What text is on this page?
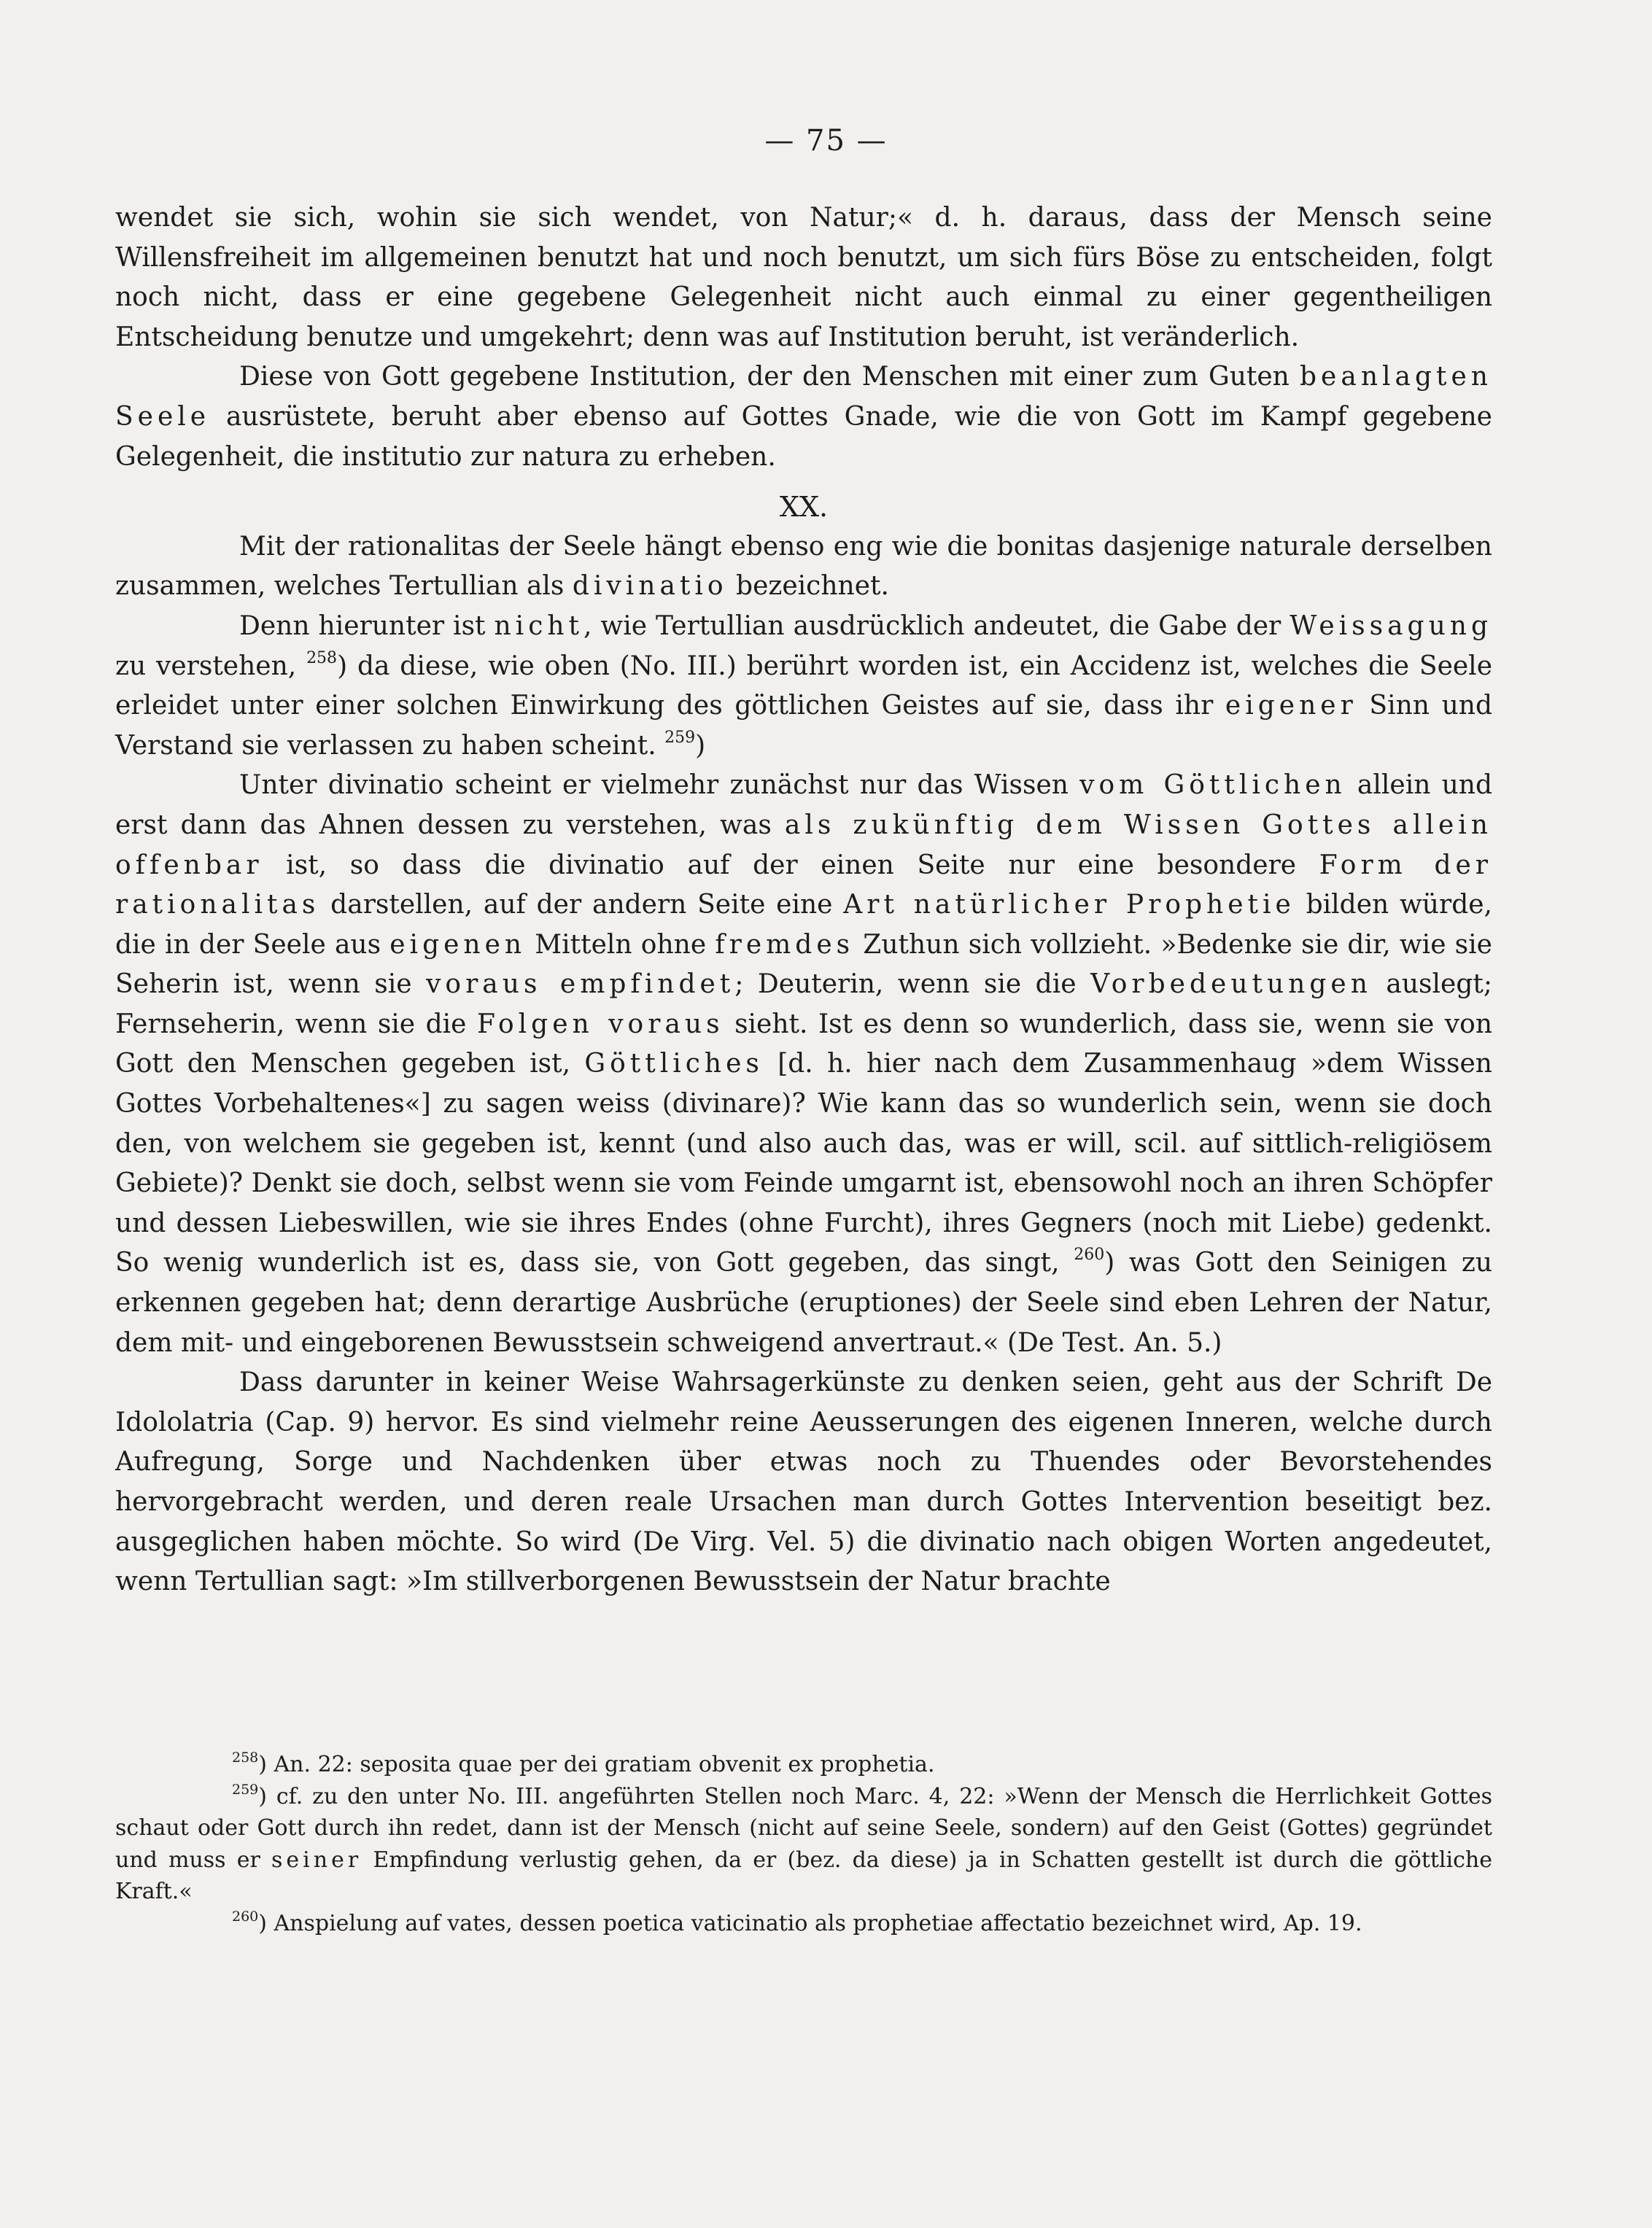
— 75 —

wendet sie sich, wohin sie sich wendet, von Natur;« d. h. daraus, dass der Mensch seine Willensfreiheit im allgemeinen benutzt hat und noch benutzt, um sich fürs Böse zu entscheiden, folgt noch nicht, dass er eine gegebene Gelegenheit nicht auch einmal zu einer gegentheiligen Entscheidung benutze und umgekehrt; denn was auf Institution beruht, ist veränderlich.

Diese von Gott gegebene Institution, der den Menschen mit einer zum Guten beanlagten Seele ausrüstete, beruht aber ebenso auf Gottes Gnade, wie die von Gott im Kampf gegebene Gelegenheit, die institutio zur natura zu erheben.

XX.

Mit der rationalitas der Seele hängt ebenso eng wie die bonitas dasjenige naturale derselben zusammen, welches Tertullian als divinatio bezeichnet.

Denn hierunter ist nicht, wie Tertullian ausdrücklich andeutet, die Gabe der Weissagung zu verstehen, $^{258}$) da diese, wie oben (No. III.) berührt worden ist, ein Accidenz ist, welches die Seele erleidet unter einer solchen Einwirkung des göttlichen Geistes auf sie, dass ihr eigener Sinn und Verstand sie verlassen zu haben scheint. $^{259}$)

Unter divinatio scheint er vielmehr zunächst nur das Wissen vom Göttlichen allein und erst dann das Ahnen dessen zu verstehen, was als zukünftig dem Wissen Gottes allein offenbar ist, so dass die divinatio auf der einen Seite nur eine besondere Form der rationalitas darstellen, auf der andern Seite eine Art natürlicher Prophetie bilden würde, die in der Seele aus eigenen Mitteln ohne fremdes Zuthun sich vollzieht. »Bedenke sie dir, wie sie Seherin ist, wenn sie voraus empfindet; Deuterin, wenn sie die Vorbedeutungen auslegt; Fernseherin, wenn sie die Folgen voraus sieht. Ist es denn so wunderlich, dass sie, wenn sie von Gott den Menschen gegeben ist, Göttliches [d. h. hier nach dem Zusammenhaug »dem Wissen Gottes Vorbehaltenes«] zu sagen weiss (divinare)? Wie kann das so wunderlich sein, wenn sie doch den, von welchem sie gegeben ist, kennt (und also auch das, was er will, scil. auf sittlich-religiösem Gebiete)? Denkt sie doch, selbst wenn sie vom Feinde umgarnt ist, ebensowohl noch an ihren Schöpfer und dessen Liebeswillen, wie sie ihres Endes (ohne Furcht), ihres Gegners (noch mit Liebe) gedenkt. So wenig wunderlich ist es, dass sie, von Gott gegeben, das singt, $^{260}$) was Gott den Seinigen zu erkennen gegeben hat; denn derartige Ausbrüche (eruptiones) der Seele sind eben Lehren der Natur, dem mit- und eingeborenen Bewusstsein schweigend anvertraut.« (De Test. An. 5.)

Dass darunter in keiner Weise Wahrsagerkünste zu denken seien, geht aus der Schrift De Idololatria (Cap. 9) hervor. Es sind vielmehr reine Aeusserungen des eigenen Inneren, welche durch Aufregung, Sorge und Nachdenken über etwas noch zu Thuendes oder Bevorstehendes hervorgebracht werden, und deren reale Ursachen man durch Gottes Intervention beseitigt bez. ausgeglichen haben möchte. So wird (De Virg. Vel. 5) die divinatio nach obigen Worten angedeutet, wenn Tertullian sagt: »Im stillverborgenen Bewusstsein der Natur brachte

$^{258}$) An. 22: seposita quae per dei gratiam obvenit ex prophetia.

$^{259}$) cf. zu den unter No. III. angeführten Stellen noch Marc. 4, 22: »Wenn der Mensch die Herrlichkeit Gottes schaut oder Gott durch ihn redet, dann ist der Mensch (nicht auf seine Seele, sondern) auf den Geist (Gottes) gegründet und muss er seiner Empfindung verlustig gehen, da er (bez. da diese) ja in Schatten gestellt ist durch die göttliche Kraft.«

$^{260}$) Anspielung auf vates, dessen poetica vaticinatio als prophetiae affectatio bezeichnet wird, Ap. 19.
